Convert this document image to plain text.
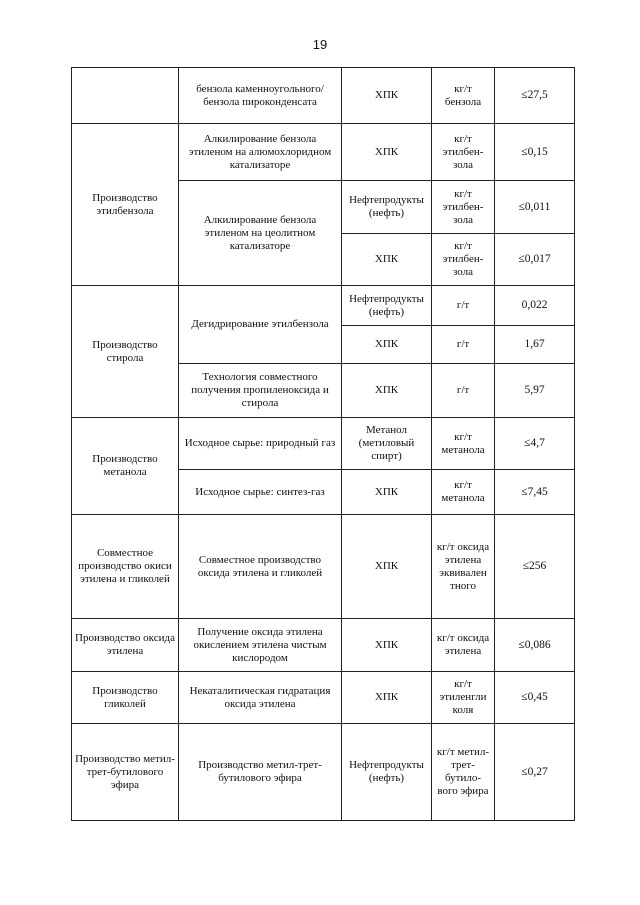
19
	бензола каменноугольного/бензола пироконденсата	ХПК	кг/т бензола	≤27,5
Производство этилбензола	Алкилирование бензола этиленом на алюмохлоридном катализаторе	ХПК	кг/т этилбен-зола	≤0,15
	Алкилирование бензола этиленом на цеолитном катализаторе	Нефтепродукты (нефть)	кг/т этилбен-зола	≤0,011
		ХПК	кг/т этилбен-зола	≤0,017
Производство стирола	Дегидрирование этилбензола	Нефтепродукты (нефть)	г/т	0,022
		ХПК	г/т	1,67
	Технология совместного получения пропиленоксида и стирола	ХПК	г/т	5,97
Производство метанола	Исходное сырье: природный газ	Метанол (метиловый спирт)	кг/т метанола	≤4,7
	Исходное сырье: синтез-газ	ХПК	кг/т метанола	≤7,45
Совместное производство окиси этилена и гликолей	Совместное производство оксида этилена и гликолей	ХПК	кг/т оксида этилена эквивален тного	≤256
Производство оксида этилена	Получение оксида этилена окислением этилена чистым кислородом	ХПК	кг/т оксида этилена	≤0,086
Производство гликолей	Некаталитическая гидратация оксида этилена	ХПК	кг/т этиленгли коля	≤0,45
Производство метил-трет-бутилового эфира	Производство метил-трет-бутилового эфира	Нефтепродукты (нефть)	кг/т метил-трет-бутило-вого эфира	≤0,27
